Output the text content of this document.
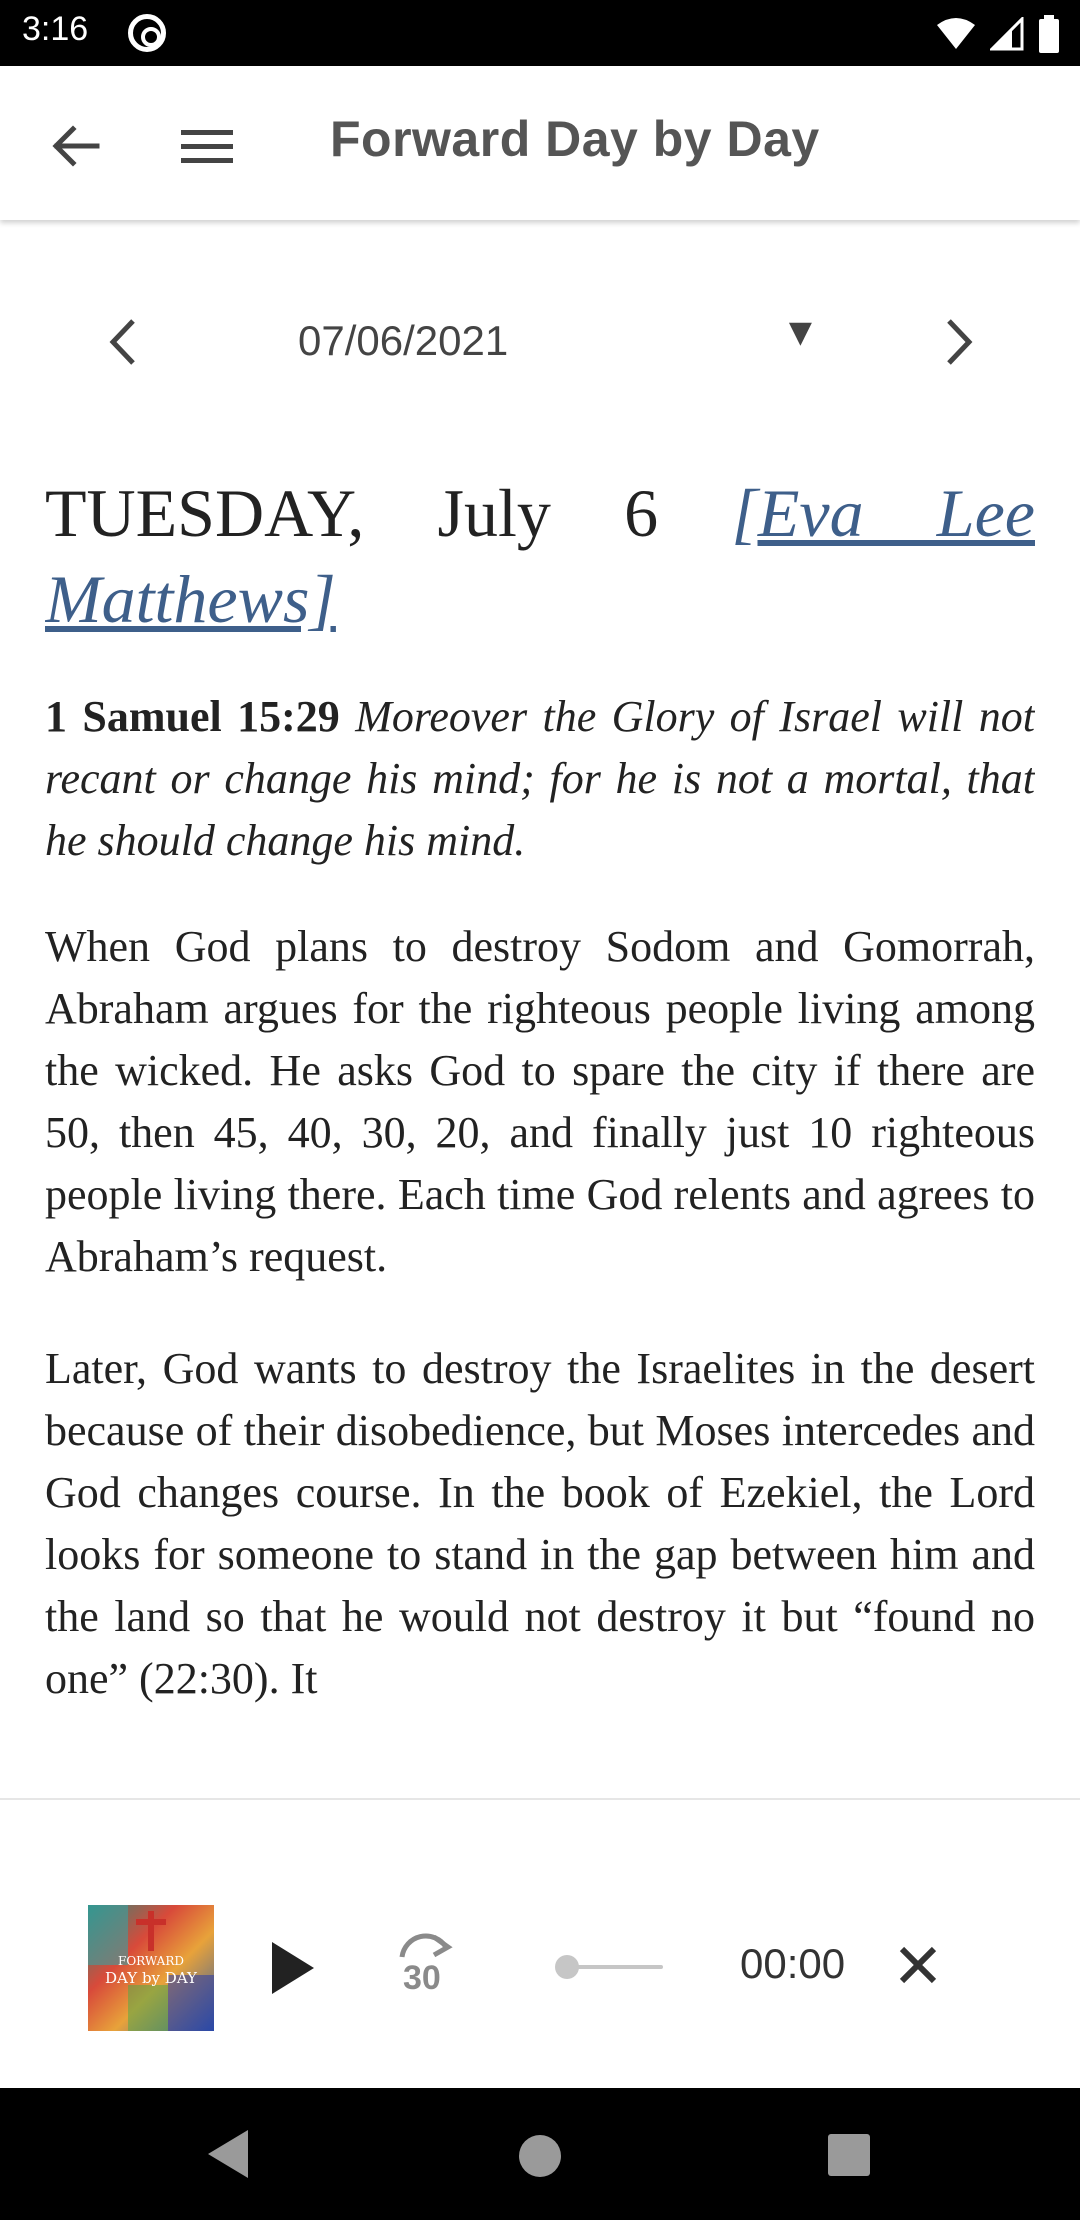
3:16
Forward Day by Day
07/06/2021	▼
TUESDAY, July 6 [Eva Lee Matthews]

1 Samuel 15:29 Moreover the Glory of Israel will not recant or change his mind; for he is not a mortal, that he should change his mind.

When God plans to destroy Sodom and Gomorrah, Abraham argues for the righteous people living among the wicked. He asks God to spare the city if there are 50, then 45, 40, 30, 20, and finally just 10 righteous people living there. Each time God relents and agrees to Abraham’s request.

Later, God wants to destroy the Israelites in the desert because of their disobedience, but Moses intercedes and God changes course. In the book of Ezekiel, the Lord looks for someone to stand in the gap between him and the land so that he would not destroy it but “found no one” (22:30). It

FORWARD
DAY by DAY	30	00:00
